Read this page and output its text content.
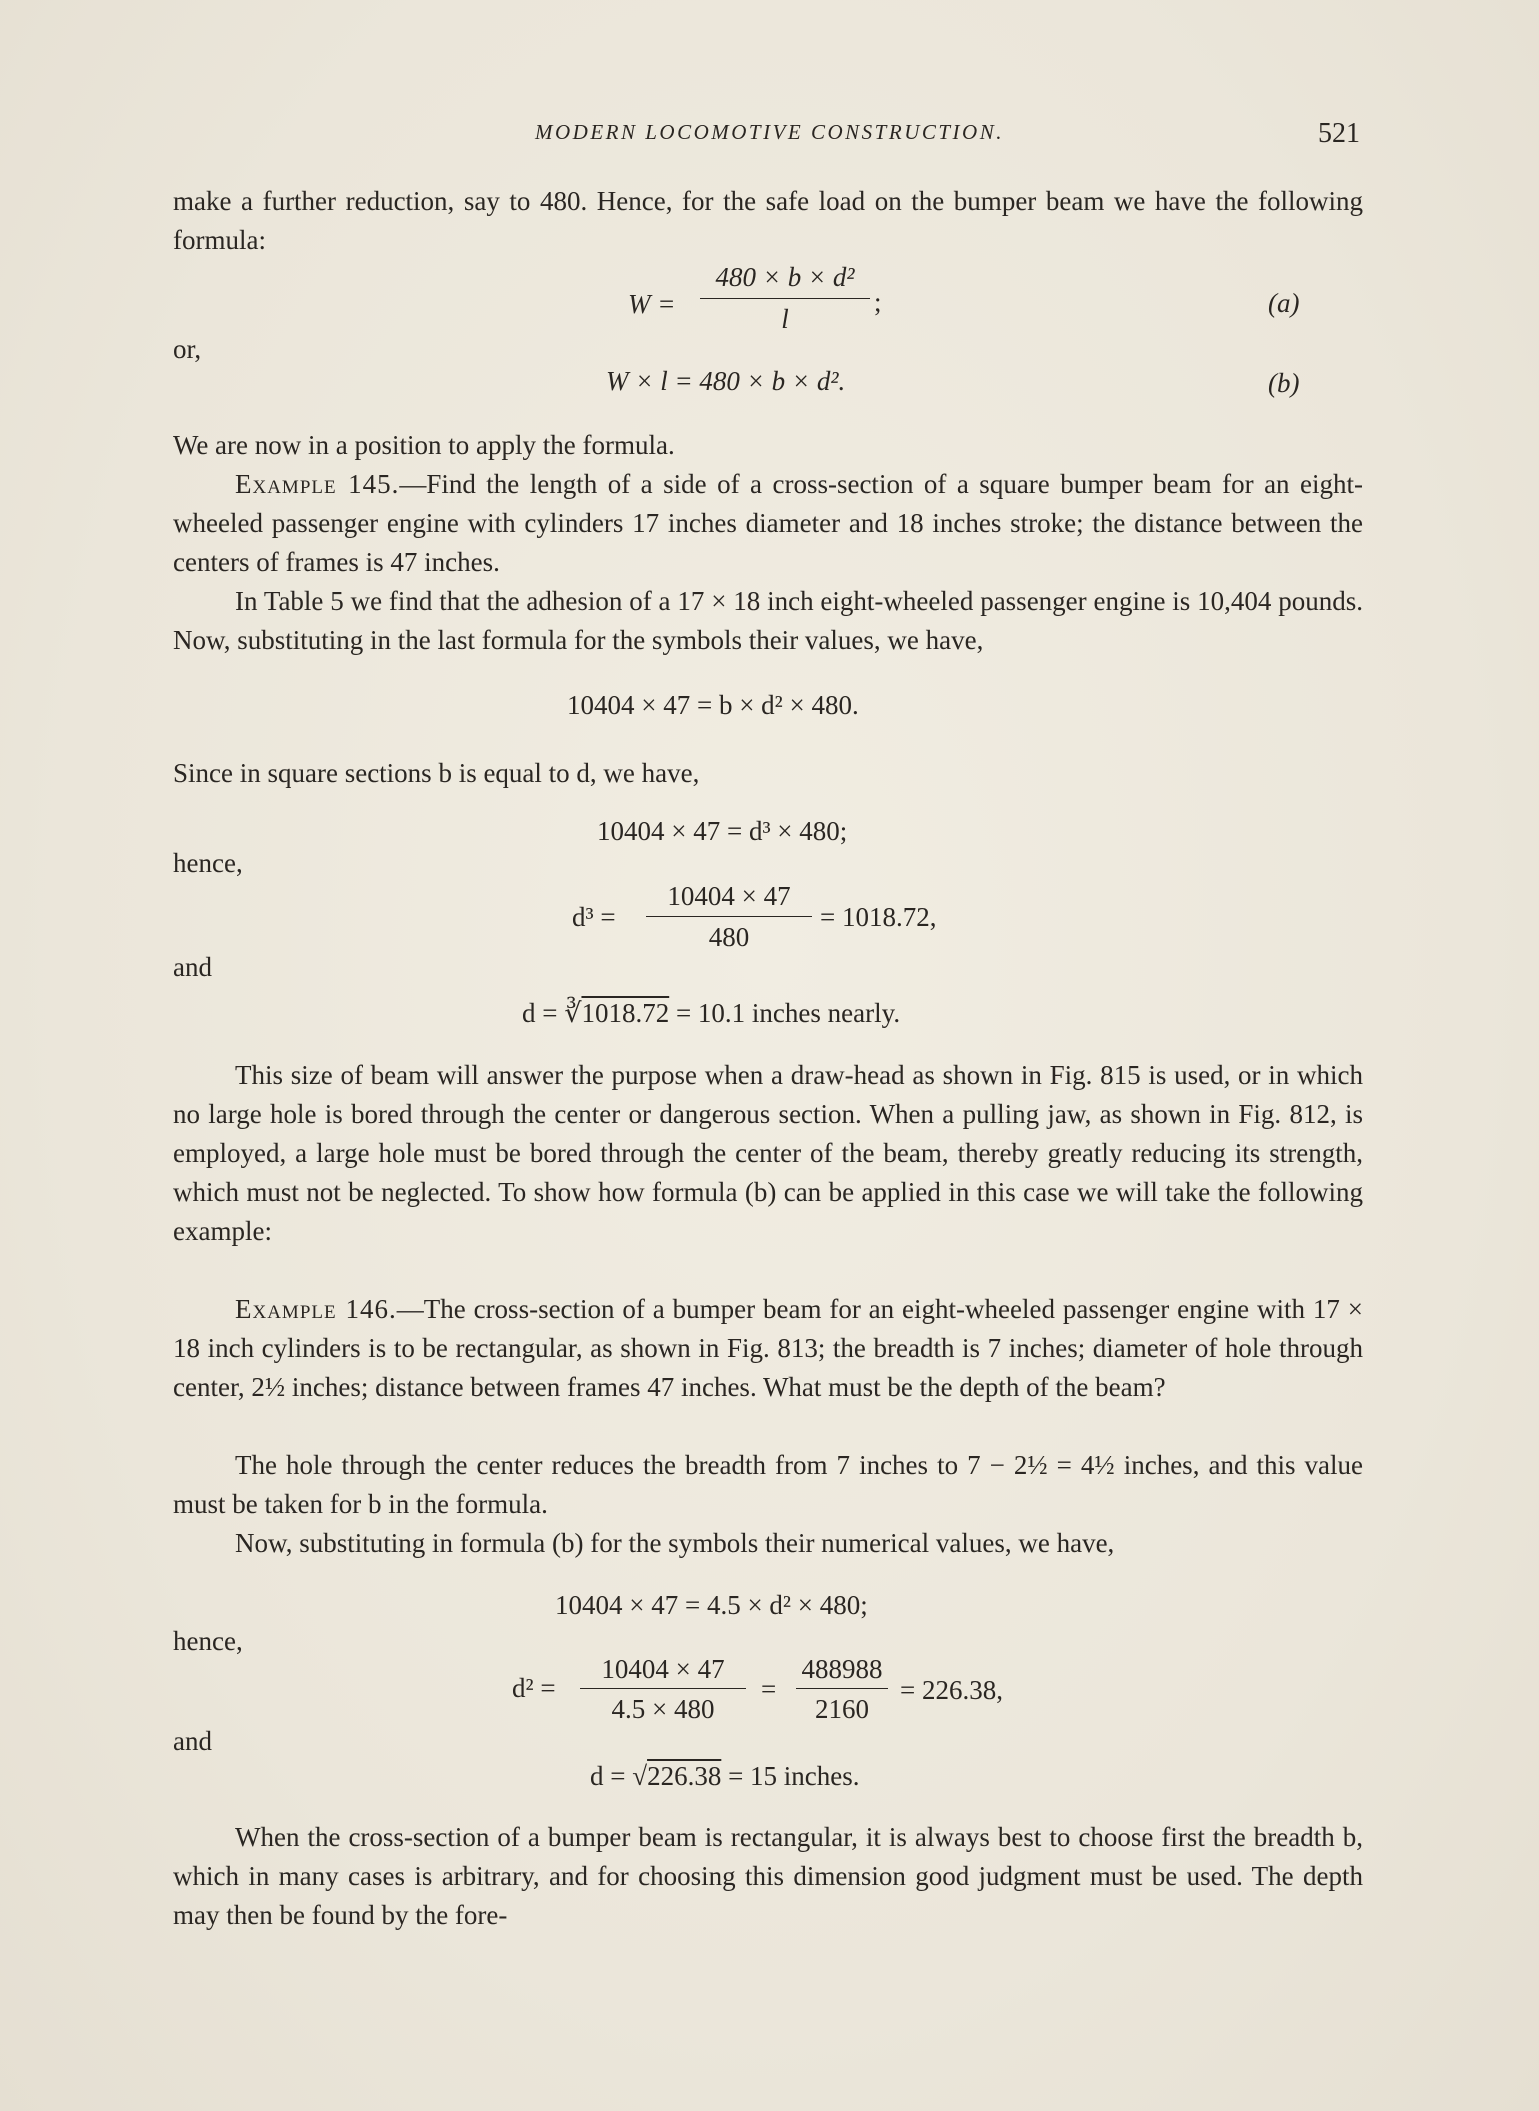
MODERN LOCOMOTIVE CONSTRUCTION.	521

make a further reduction, say to 480. Hence, for the safe load on the bumper beam we have the following formula:

W =
480 × b × d²
l
;	(a)
or,
W × l = 480 × b × d².	(b)

We are now in a position to apply the formula.

Example 145.—Find the length of a side of a cross-section of a square bumper beam for an eight-wheeled passenger engine with cylinders 17 inches diameter and 18 inches stroke; the distance between the centers of frames is 47 inches.

In Table 5 we find that the adhesion of a 17 × 18 inch eight-wheeled passenger engine is 10,404 pounds. Now, substituting in the last formula for the symbols their values, we have,

10404 × 47 = b × d² × 480.

Since in square sections b is equal to d, we have,

10404 × 47 = d³ × 480;
hence,
d³ =
10404 × 47
480
= 1018.72,
and
d = ∛1018.72 = 10.1 inches nearly.

This size of beam will answer the purpose when a draw-head as shown in Fig. 815 is used, or in which no large hole is bored through the center or dangerous section. When a pulling jaw, as shown in Fig. 812, is employed, a large hole must be bored through the center of the beam, thereby greatly reducing its strength, which must not be neglected. To show how formula (b) can be applied in this case we will take the following example:

Example 146.—The cross-section of a bumper beam for an eight-wheeled passenger engine with 17 × 18 inch cylinders is to be rectangular, as shown in Fig. 813; the breadth is 7 inches; diameter of hole through center, 2½ inches; distance between frames 47 inches. What must be the depth of the beam?

The hole through the center reduces the breadth from 7 inches to 7 − 2½ = 4½ inches, and this value must be taken for b in the formula.

Now, substituting in formula (b) for the symbols their numerical values, we have,

10404 × 47 = 4.5 × d² × 480;
hence,
d² =
10404 × 47
4.5 × 480
=
488988
2160
= 226.38,
and
d = √226.38 = 15 inches.

When the cross-section of a bumper beam is rectangular, it is always best to choose first the breadth b, which in many cases is arbitrary, and for choosing this dimension good judgment must be used. The depth may then be found by the fore-
